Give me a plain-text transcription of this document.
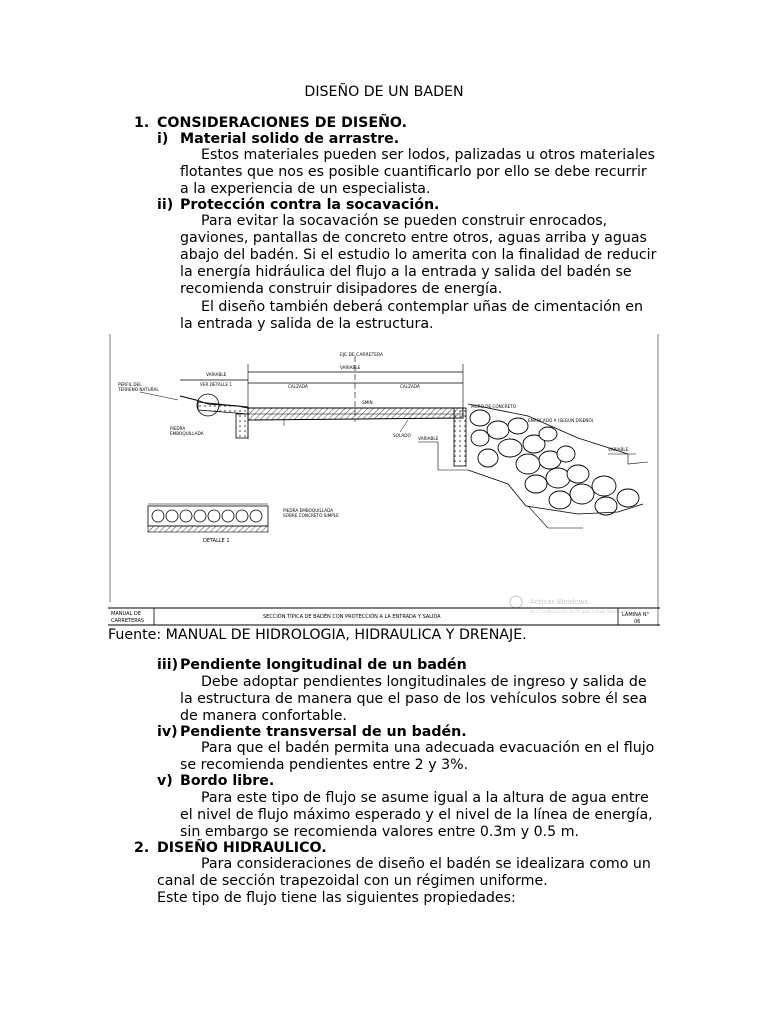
DISEÑO DE UN BADEN
1. CONSIDERACIONES DE DISEÑO.
i) Material solido de arrastre.
Estos materiales pueden ser lodos, palizadas u otros materiales
flotantes que nos es posible cuantificarlo por ello se debe recurrir
a la experiencia de un especialista.
ii) Protección contra la socavación.
Para evitar la socavación se pueden construir enrocados,
gaviones, pantallas de concreto entre otros, aguas arriba y aguas
abajo del badén. Si el estudio lo amerita con la finalidad de reducir
la energía hidráulica del flujo a la entrada y salida del badén se
recomienda construir disipadores de energía.
El diseño también deberá contemplar uñas de cimentación en
la entrada y salida de la estructura.
EJE DE CARRETERA
VARIABLE
VARIABLE
CALZADA	CALZADA
SMIN
PERFIL DEL
TERRENO NATURAL
VER DETALLE 1
PIEDRA
EMBOQUILLADA	SOLADO
VARIABLE
VARIABLE
MURO DE CONCRETO
ENROCADO A (SEGÚN DISEÑO)
PIEDRA EMBOQUILLADA
SOBRE CONCRETO SIMPLE
DETALLE 1
Activar Windows
Ve a Configuración de PC para activar Windows.
MANUAL DE
CARRETERAS
SECCIÓN TÍPICA DE BADÉN CON PROTECCIÓN A LA ENTRADA Y SALIDA	LÁMINA N°
06
Fuente: MANUAL DE HIDROLOGIA, HIDRAULICA Y DRENAJE.
iii) Pendiente longitudinal de un badén
Debe adoptar pendientes longitudinales de ingreso y salida de
la estructura de manera que el paso de los vehículos sobre él sea
de manera confortable.
iv) Pendiente transversal de un badén.
Para que el badén permita una adecuada evacuación en el flujo
se recomienda pendientes entre 2 y 3%.
v) Bordo libre.
Para este tipo de flujo se asume igual a la altura de agua entre
el nivel de flujo máximo esperado y el nivel de la línea de energía,
sin embargo se recomienda valores entre 0.3m y 0.5 m.
2. DISEÑO HIDRAULICO.
Para consideraciones de diseño el badén se idealizara como un
canal de sección trapezoidal con un régimen uniforme.
Este tipo de flujo tiene las siguientes propiedades:
